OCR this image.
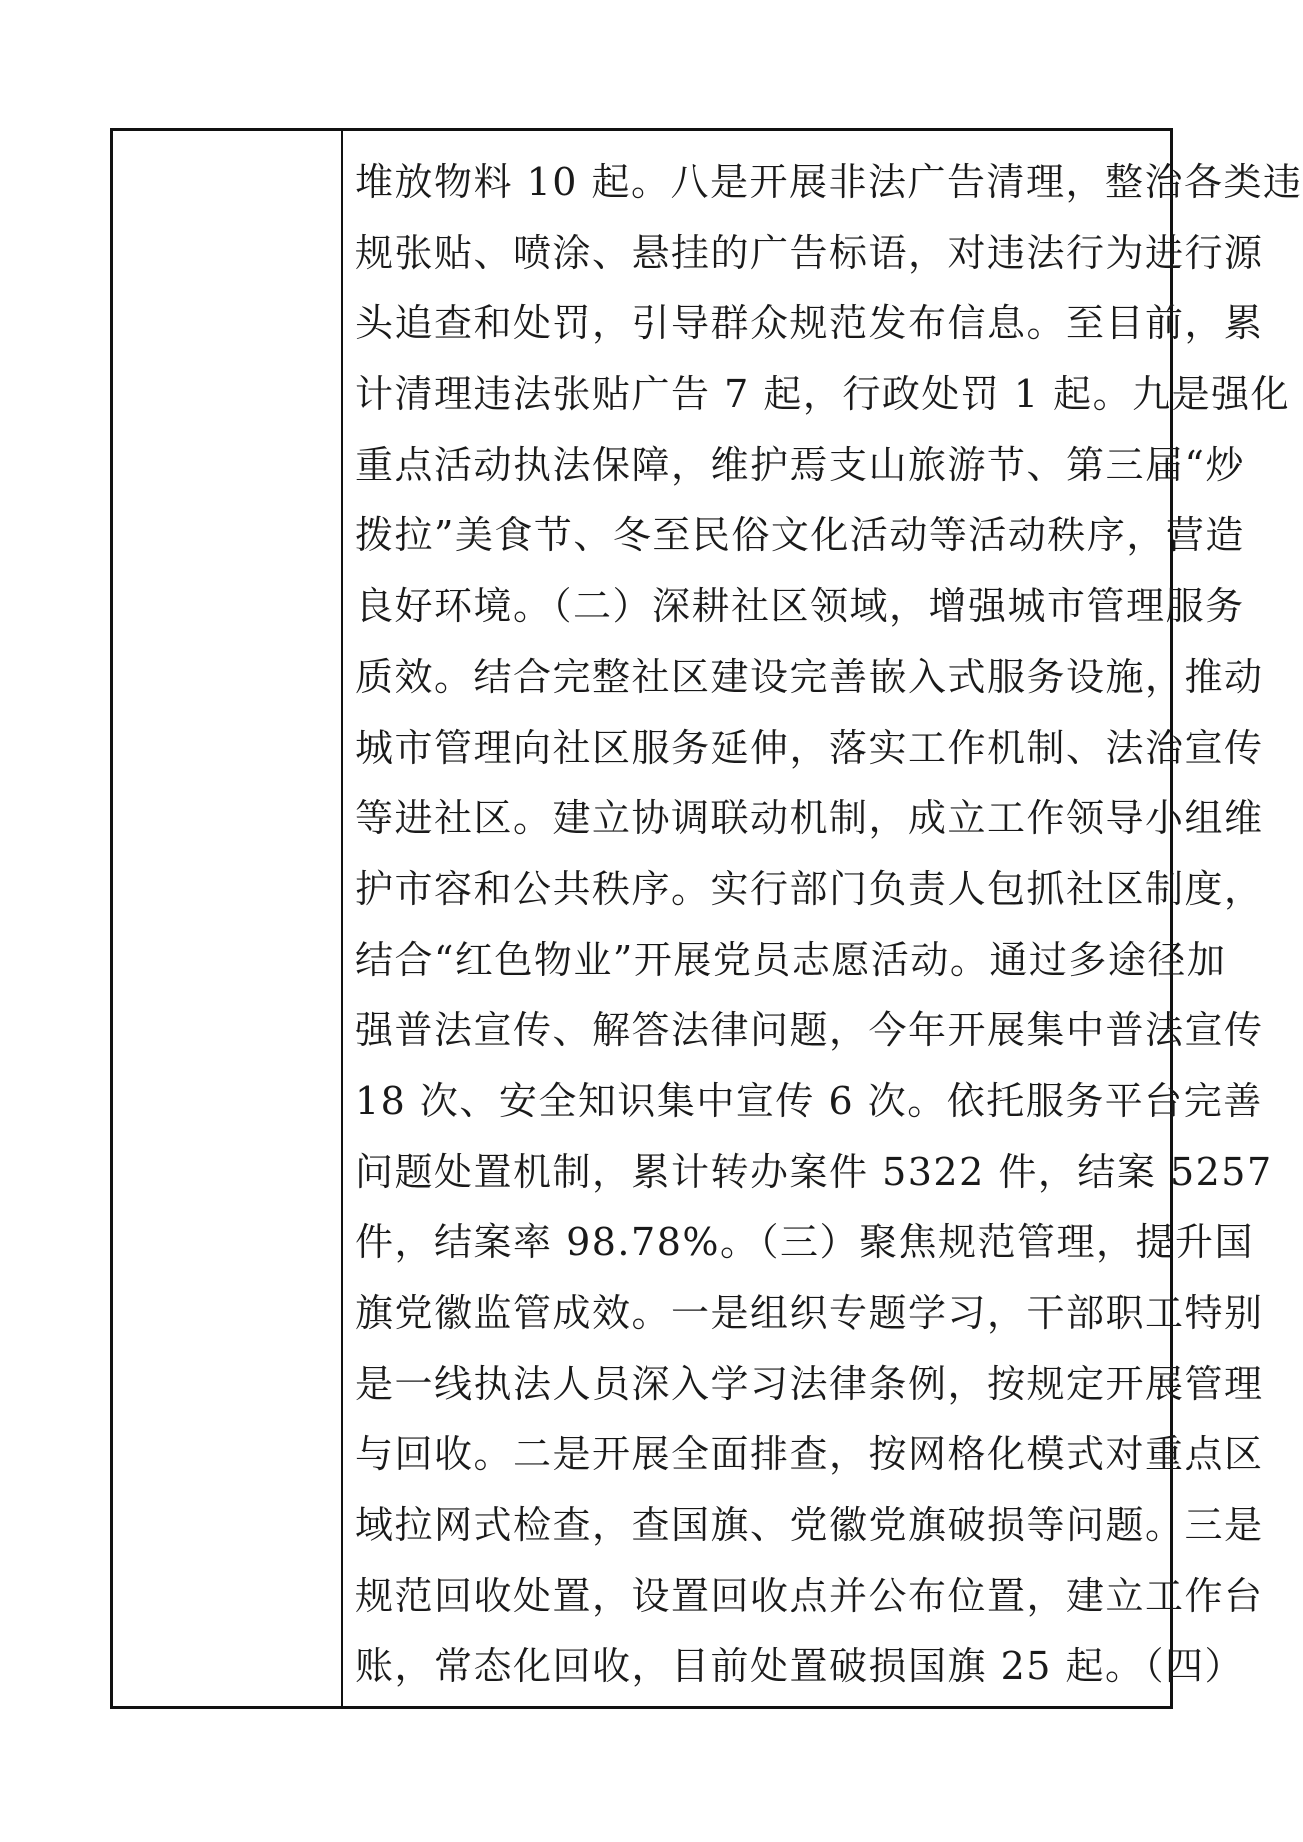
堆放物料 10 起。八是开展非法广告清理，整治各类违
规张贴、喷涂、悬挂的广告标语，对违法行为进行源
头追查和处罚，引导群众规范发布信息。至目前，累
计清理违法张贴广告 7 起，行政处罚 1 起。九是强化
重点活动执法保障，维护焉支山旅游节、第三届“炒
拨拉”美食节、冬至民俗文化活动等活动秩序，营造
良好环境。（二）深耕社区领域，增强城市管理服务
质效。结合完整社区建设完善嵌入式服务设施，推动
城市管理向社区服务延伸，落实工作机制、法治宣传
等进社区。建立协调联动机制，成立工作领导小组维
护市容和公共秩序。实行部门负责人包抓社区制度，
结合“红色物业”开展党员志愿活动。通过多途径加
强普法宣传、解答法律问题，今年开展集中普法宣传
18 次、安全知识集中宣传 6 次。依托服务平台完善
问题处置机制，累计转办案件 5322 件，结案 5257
件，结案率 98.78%。（三）聚焦规范管理，提升国
旗党徽监管成效。一是组织专题学习，干部职工特别
是一线执法人员深入学习法律条例，按规定开展管理
与回收。二是开展全面排查，按网格化模式对重点区
域拉网式检查，查国旗、党徽党旗破损等问题。三是
规范回收处置，设置回收点并公布位置，建立工作台
账，常态化回收，目前处置破损国旗 25 起。（四）
